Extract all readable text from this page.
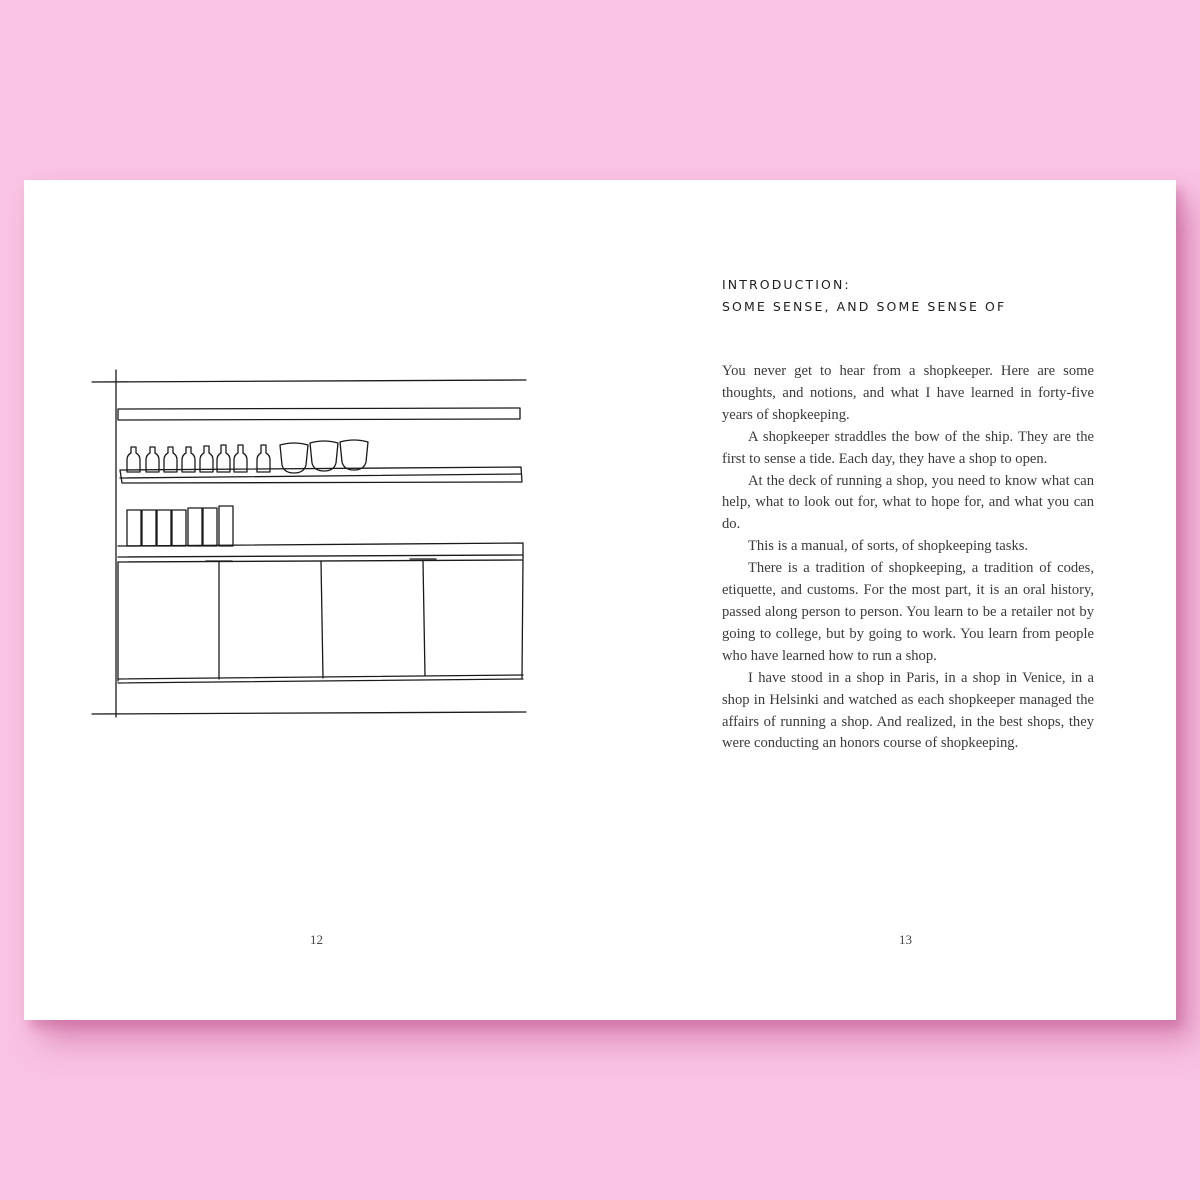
12
INTRODUCTION:
SOME SENSE, AND SOME SENSE OF

You never get to hear from a shopkeeper. Here are some thoughts, and notions, and what I have learned in forty-five years of shopkeeping.

A shopkeeper straddles the bow of the ship. They are the first to sense a tide. Each day, they have a shop to open.

At the deck of running a shop, you need to know what can help, what to look out for, what to hope for, and what you can do.

This is a manual, of sorts, of shopkeeping tasks.

There is a tradition of shopkeeping, a tradition of codes, etiquette, and customs. For the most part, it is an oral history, passed along person to person. You learn to be a retailer not by going to college, but by going to work. You learn from people who have learned how to run a shop.

I have stood in a shop in Paris, in a shop in Venice, in a shop in Helsinki and watched as each shopkeeper managed the affairs of running a shop. And realized, in the best shops, they were conducting an honors course of shopkeeping.

13
